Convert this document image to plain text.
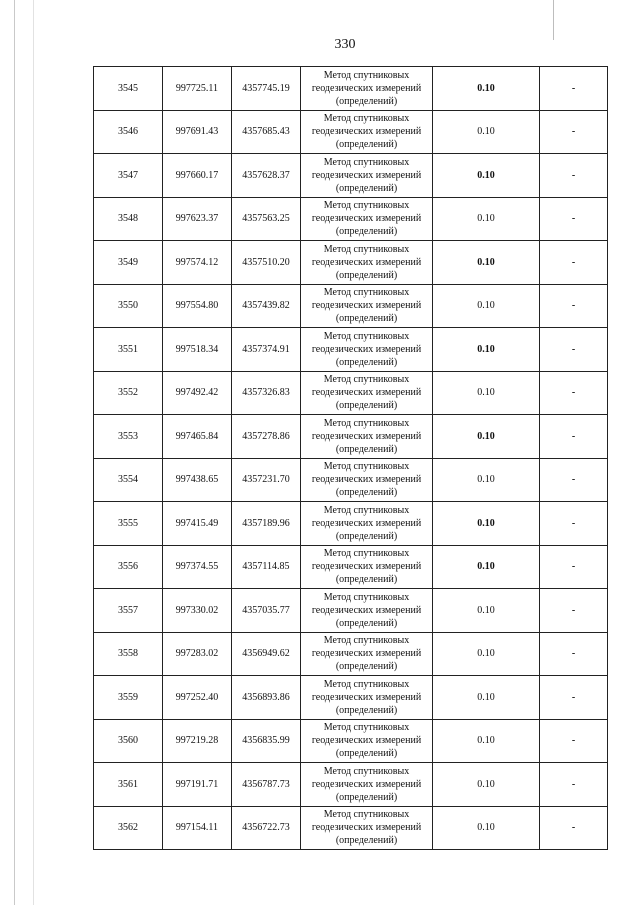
330
3545	997725.11	4357745.19	Метод спутниковых
геодезических измерений
(определений)	0.10	-
3546	997691.43	4357685.43	Метод спутниковых
геодезических измерений
(определений)	0.10	-
3547	997660.17	4357628.37	Метод спутниковых
геодезических измерений
(определений)	0.10	-
3548	997623.37	4357563.25	Метод спутниковых
геодезических измерений
(определений)	0.10	-
3549	997574.12	4357510.20	Метод спутниковых
геодезических измерений
(определений)	0.10	-
3550	997554.80	4357439.82	Метод спутниковых
геодезических измерений
(определений)	0.10	-
3551	997518.34	4357374.91	Метод спутниковых
геодезических измерений
(определений)	0.10	-
3552	997492.42	4357326.83	Метод спутниковых
геодезических измерений
(определений)	0.10	-
3553	997465.84	4357278.86	Метод спутниковых
геодезических измерений
(определений)	0.10	-
3554	997438.65	4357231.70	Метод спутниковых
геодезических измерений
(определений)	0.10	-
3555	997415.49	4357189.96	Метод спутниковых
геодезических измерений
(определений)	0.10	-
3556	997374.55	4357114.85	Метод спутниковых
геодезических измерений
(определений)	0.10	-
3557	997330.02	4357035.77	Метод спутниковых
геодезических измерений
(определений)	0.10	-
3558	997283.02	4356949.62	Метод спутниковых
геодезических измерений
(определений)	0.10	-
3559	997252.40	4356893.86	Метод спутниковых
геодезических измерений
(определений)	0.10	-
3560	997219.28	4356835.99	Метод спутниковых
геодезических измерений
(определений)	0.10	-
3561	997191.71	4356787.73	Метод спутниковых
геодезических измерений
(определений)	0.10	-
3562	997154.11	4356722.73	Метод спутниковых
геодезических измерений
(определений)	0.10	-
